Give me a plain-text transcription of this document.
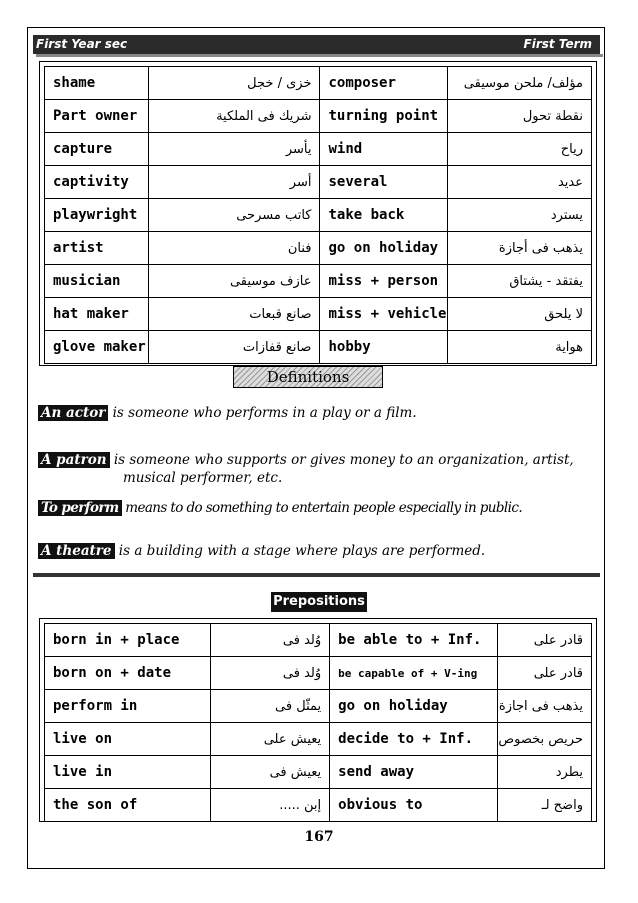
First Year sec	First Term
shame	خزى / خجل	composer	مؤلف/ ملحن موسيقى
Part owner	شريك فى الملكية	turning point	نقطة تحول
capture	يأسر	wind	رياح
captivity	أسر	several	عديد
playwright	كاتب مسرحى	take back	يسترد
artist	فنان	go on holiday	يذهب فى أجازة
musician	عازف موسيقى	miss + person	يفتقد - يشتاق
hat maker	صانع قبعات	miss + vehicle	لا يلحق
glove maker	صانع قفازات	hobby	هواية
Definitions
An actor is someone who performs in a play or a film.
A patron is someone who supports or gives money to an organization, artist,
musical performer, etc.
To perform means to do something to entertain people especially in public.
A theatre is a building with a stage where plays are performed.
Prepositions
born in + place	وُلد فى	be able to + Inf.	قادر على
born on + date	وُلد فى	be capable of + V-ing	قادر على
perform in	يمثّل فى	go on holiday	يذهب فى اجازة
live on	يعيش على	decide to + Inf.	حريص بخصوص
live in	يعيش فى	send away	يطرد
the son of	إبن .....	obvious to	واضح لـ
167
